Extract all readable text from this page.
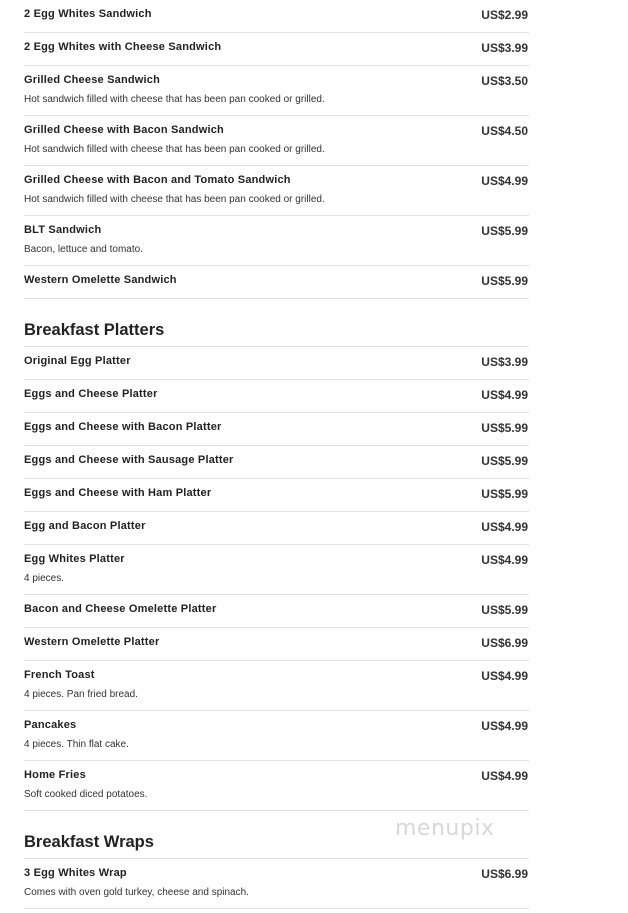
2 Egg Whites Sandwich	US$2.99
2 Egg Whites with Cheese Sandwich	US$3.99
Grilled Cheese Sandwich	US$3.50
Hot sandwich filled with cheese that has been pan cooked or grilled.
Grilled Cheese with Bacon Sandwich	US$4.50
Hot sandwich filled with cheese that has been pan cooked or grilled.
Grilled Cheese with Bacon and Tomato Sandwich	US$4.99
Hot sandwich filled with cheese that has been pan cooked or grilled.
BLT Sandwich	US$5.99
Bacon, lettuce and tomato.
Western Omelette Sandwich	US$5.99
Breakfast Platters
Original Egg Platter	US$3.99
Eggs and Cheese Platter	US$4.99
Eggs and Cheese with Bacon Platter	US$5.99
Eggs and Cheese with Sausage Platter	US$5.99
Eggs and Cheese with Ham Platter	US$5.99
Egg and Bacon Platter	US$4.99
Egg Whites Platter	US$4.99
4 pieces.
Bacon and Cheese Omelette Platter	US$5.99
Western Omelette Platter	US$6.99
French Toast	US$4.99
4 pieces. Pan fried bread.
Pancakes	US$4.99
4 pieces. Thin flat cake.
Home Fries	US$4.99
Soft cooked diced potatoes.
Breakfast Wraps
3 Egg Whites Wrap	US$6.99
Comes with oven gold turkey, cheese and spinach.
menupix
